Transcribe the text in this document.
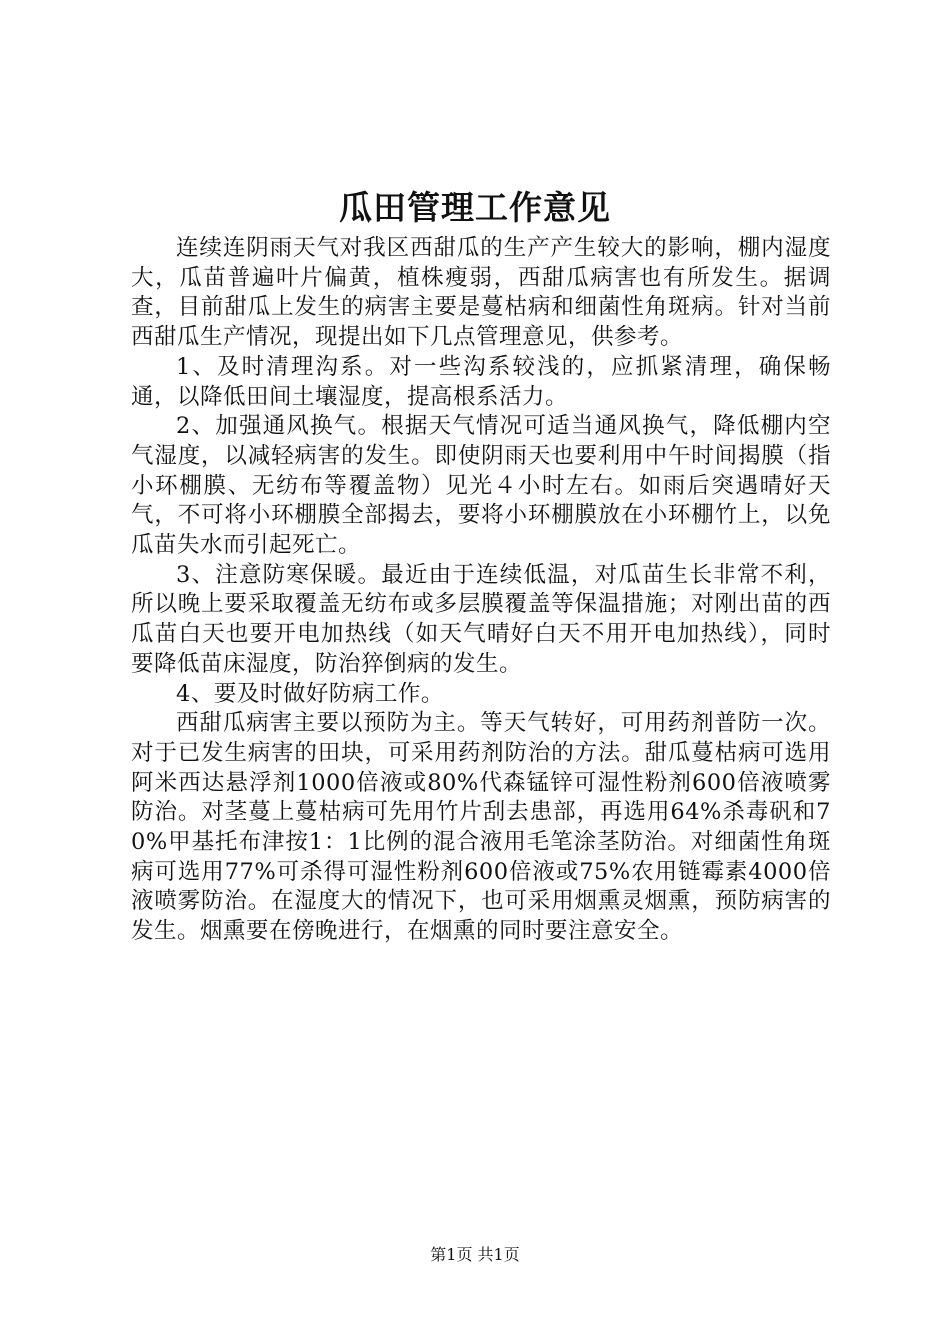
瓜田管理工作意见

连续连阴雨天气对我区西甜瓜的生产产生较大的影响，棚内湿度大，瓜苗普遍叶片偏黄，植株瘦弱，西甜瓜病害也有所发生。据调查，目前甜瓜上发生的病害主要是蔓枯病和细菌性角斑病。针对当前西甜瓜生产情况，现提出如下几点管理意见，供参考。

1、及时清理沟系。对一些沟系较浅的，应抓紧清理，确保畅通，以降低田间土壤湿度，提高根系活力。

2、加强通风换气。根据天气情况可适当通风换气，降低棚内空气湿度，以减轻病害的发生。即使阴雨天也要利用中午时间揭膜（指小环棚膜、无纺布等覆盖物）见光４小时左右。如雨后突遇晴好天气，不可将小环棚膜全部揭去，要将小环棚膜放在小环棚竹上，以免瓜苗失水而引起死亡。

3、注意防寒保暖。最近由于连续低温，对瓜苗生长非常不利，所以晚上要采取覆盖无纺布或多层膜覆盖等保温措施；对刚出苗的西瓜苗白天也要开电加热线（如天气晴好白天不用开电加热线），同时要降低苗床湿度，防治猝倒病的发生。

4、要及时做好防病工作。

西甜瓜病害主要以预防为主。等天气转好，可用药剂普防一次。对于已发生病害的田块，可采用药剂防治的方法。甜瓜蔓枯病可选用阿米西达悬浮剂1000倍液或80%代森锰锌可湿性粉剂600倍液喷雾防治。对茎蔓上蔓枯病可先用竹片刮去患部，再选用64%杀毒矾和70%甲基托布津按1：1比例的混合液用毛笔涂茎防治。对细菌性角斑病可选用77%可杀得可湿性粉剂600倍液或75%农用链霉素4000倍液喷雾防治。在湿度大的情况下，也可采用烟熏灵烟熏，预防病害的发生。烟熏要在傍晚进行，在烟熏的同时要注意安全。

第1页 共1页
